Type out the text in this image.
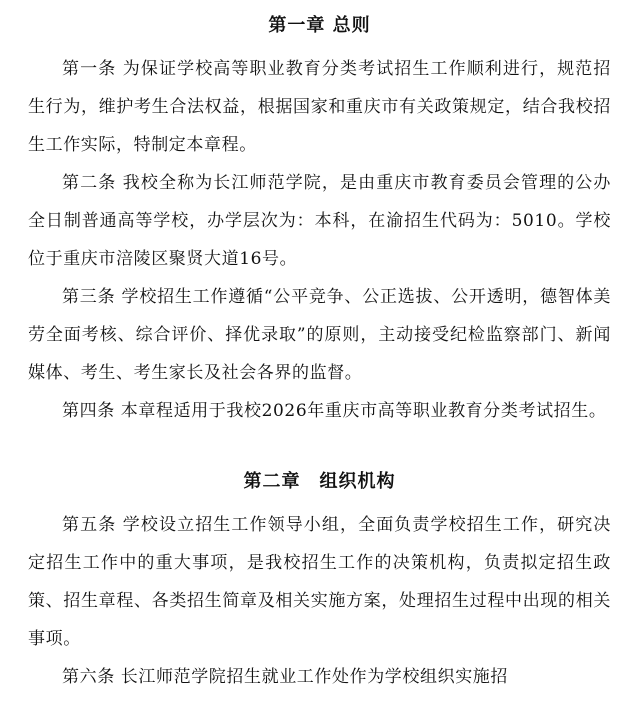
第一章 总则

第一条 为保证学校高等职业教育分类考试招生工作顺利进行，规范招生行为，维护考生合法权益，根据国家和重庆市有关政策规定，结合我校招生工作实际，特制定本章程。

第二条 我校全称为长江师范学院，是由重庆市教育委员会管理的公办全日制普通高等学校，办学层次为：本科，在渝招生代码为：5010。学校位于重庆市涪陵区聚贤大道16号。

第三条 学校招生工作遵循“公平竞争、公正选拔、公开透明，德智体美劳全面考核、综合评价、择优录取”的原则，主动接受纪检监察部门、新闻媒体、考生、考生家长及社会各界的监督。

第四条 本章程适用于我校2026年重庆市高等职业教育分类考试招生。

第二章　组织机构

第五条 学校设立招生工作领导小组，全面负责学校招生工作，研究决定招生工作中的重大事项，是我校招生工作的决策机构，负责拟定招生政策、招生章程、各类招生简章及相关实施方案，处理招生过程中出现的相关事项。

第六条 长江师范学院招生就业工作处作为学校组织实施招
